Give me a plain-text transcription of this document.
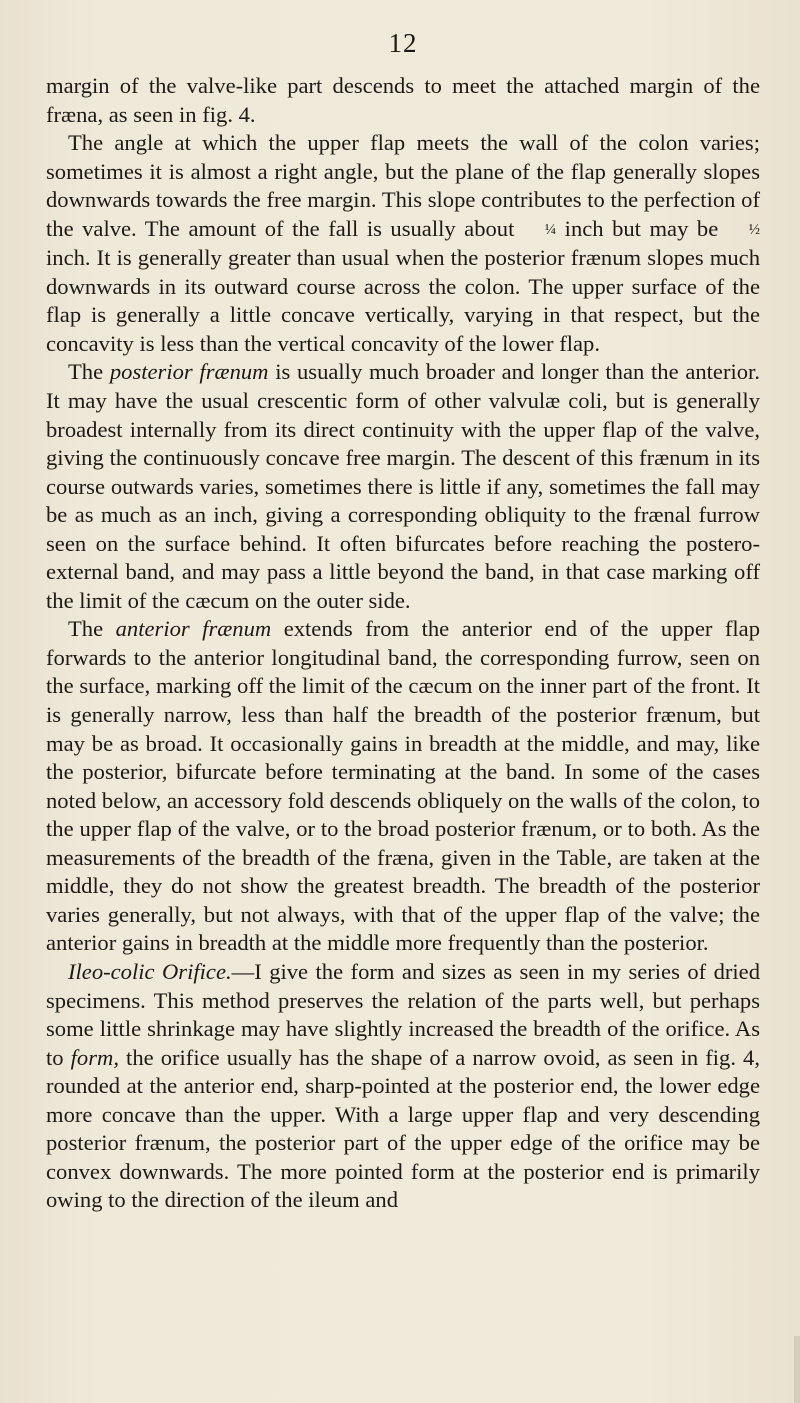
12

margin of the valve-like part descends to meet the attached margin of the fræna, as seen in fig. 4.

The angle at which the upper flap meets the wall of the colon varies; sometimes it is almost a right angle, but the plane of the flap generally slopes downwards towards the free margin. This slope contributes to the perfection of the valve. The amount of the fall is usually about ¼ inch but may be ½ inch. It is generally greater than usual when the posterior frænum slopes much downwards in its outward course across the colon. The upper surface of the flap is generally a little concave vertically, varying in that respect, but the concavity is less than the vertical concavity of the lower flap.

The posterior frænum is usually much broader and longer than the anterior. It may have the usual crescentic form of other valvulæ coli, but is generally broadest internally from its direct continuity with the upper flap of the valve, giving the continuously concave free margin. The descent of this frænum in its course outwards varies, sometimes there is little if any, sometimes the fall may be as much as an inch, giving a corresponding obliquity to the frænal furrow seen on the surface behind. It often bifurcates before reaching the postero-external band, and may pass a little beyond the band, in that case marking off the limit of the cæcum on the outer side.

The anterior frænum extends from the anterior end of the upper flap forwards to the anterior longitudinal band, the corresponding furrow, seen on the surface, marking off the limit of the cæcum on the inner part of the front. It is generally narrow, less than half the breadth of the posterior frænum, but may be as broad. It occasionally gains in breadth at the middle, and may, like the posterior, bifurcate before terminating at the band. In some of the cases noted below, an accessory fold descends obliquely on the walls of the colon, to the upper flap of the valve, or to the broad posterior frænum, or to both. As the measurements of the breadth of the fræna, given in the Table, are taken at the middle, they do not show the greatest breadth. The breadth of the posterior varies generally, but not always, with that of the upper flap of the valve; the anterior gains in breadth at the middle more frequently than the posterior.

Ileo-colic Orifice.—I give the form and sizes as seen in my series of dried specimens. This method preserves the relation of the parts well, but perhaps some little shrinkage may have slightly increased the breadth of the orifice. As to form, the orifice usually has the shape of a narrow ovoid, as seen in fig. 4, rounded at the anterior end, sharp-pointed at the posterior end, the lower edge more concave than the upper. With a large upper flap and very descending posterior frænum, the posterior part of the upper edge of the orifice may be convex downwards. The more pointed form at the posterior end is primarily owing to the direction of the ileum and
